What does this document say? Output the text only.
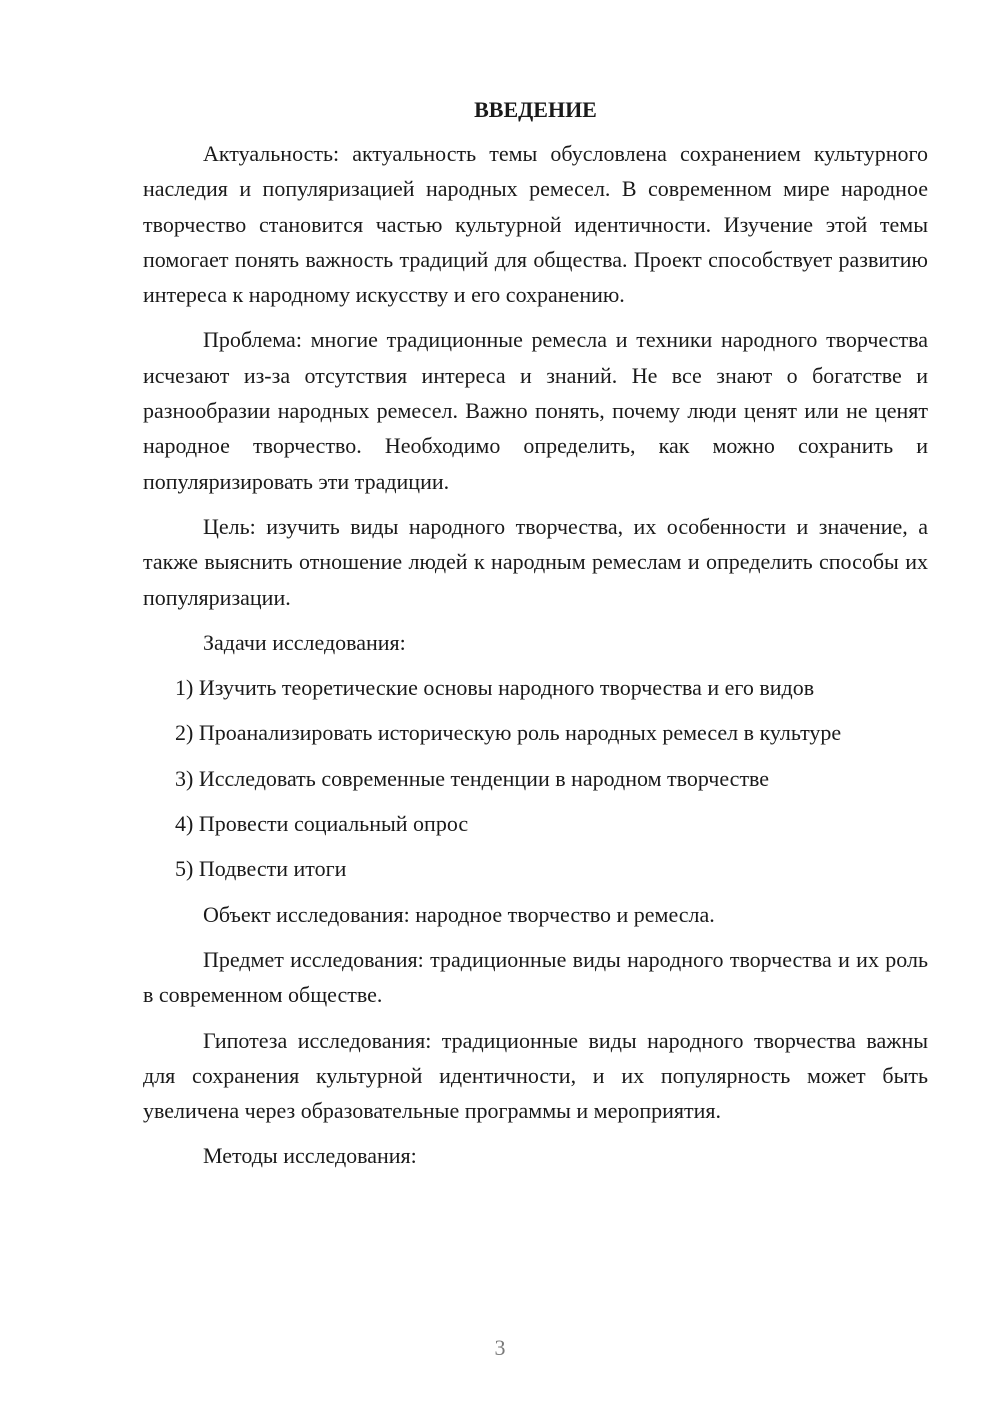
ВВЕДЕНИЕ

Актуальность: актуальность темы обусловлена сохранением культурного наследия и популяризацией народных ремесел. В современном мире народное творчество становится частью культурной идентичности. Изучение этой темы помогает понять важность традиций для общества. Проект способствует развитию интереса к народному искусству и его сохранению.

Проблема: многие традиционные ремесла и техники народного творчества исчезают из-за отсутствия интереса и знаний. Не все знают о богатстве и разнообразии народных ремесел. Важно понять, почему люди ценят или не ценят народное творчество. Необходимо определить, как можно сохранить и популяризировать эти традиции.

Цель: изучить виды народного творчества, их особенности и значение, а также выяснить отношение людей к народным ремеслам и определить способы их популяризации.

Задачи исследования:

1) Изучить теоретические основы народного творчества и его видов

2) Проанализировать историческую роль народных ремесел в культуре

3) Исследовать современные тенденции в народном творчестве

4) Провести социальный опрос

5) Подвести итоги

Объект исследования: народное творчество и ремесла.

Предмет исследования: традиционные виды народного творчества и их роль в современном обществе.

Гипотеза исследования: традиционные виды народного творчества важны для сохранения культурной идентичности, и их популярность может быть увеличена через образовательные программы и мероприятия.

Методы исследования:

3
